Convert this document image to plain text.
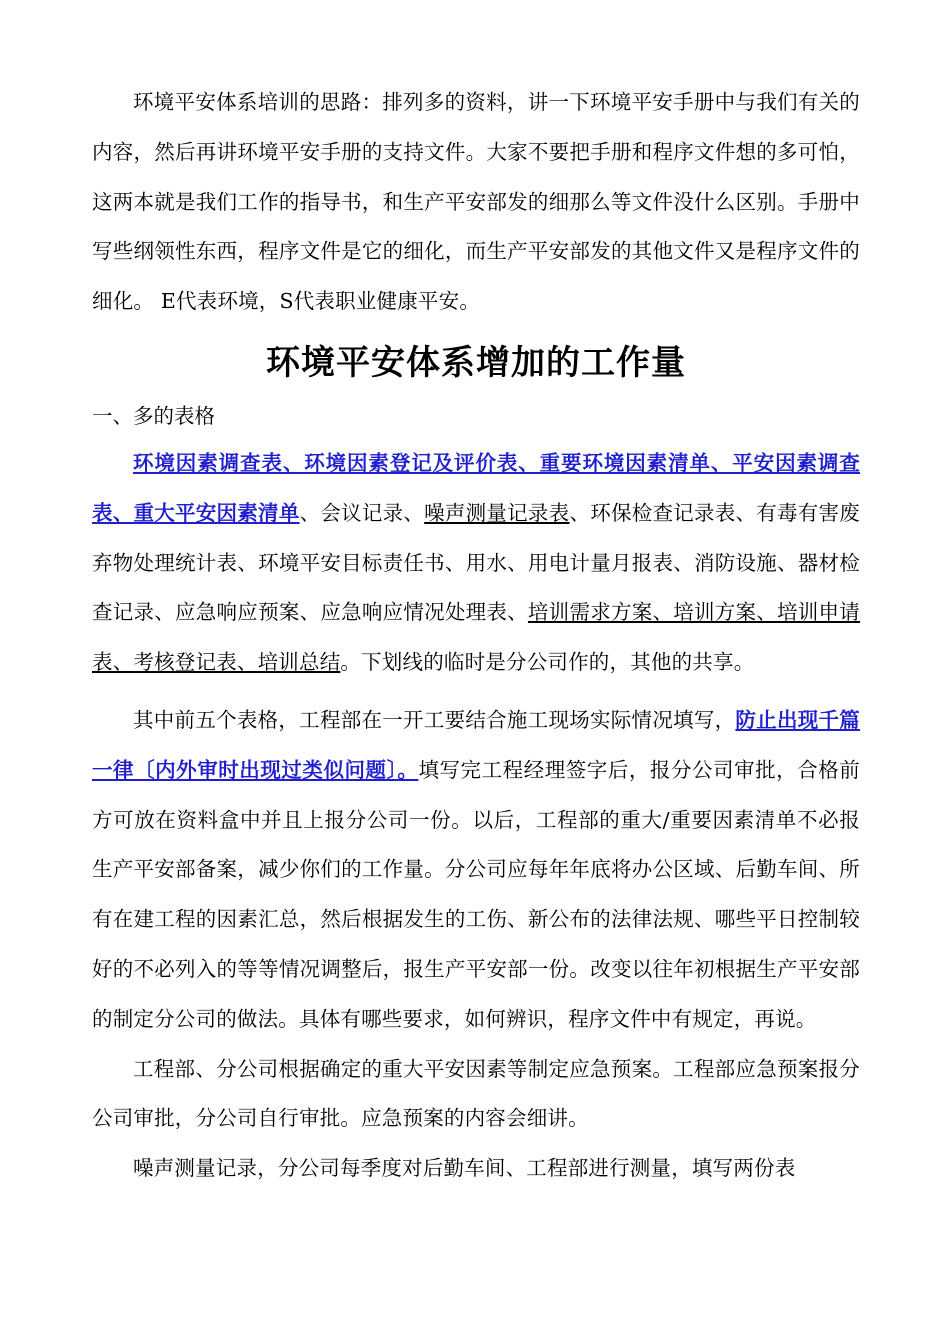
环境平安体系培训的思路：排列多的资料，讲一下环境平安手册中与我们有关的内容，然后再讲环境平安手册的支持文件。大家不要把手册和程序文件想的多可怕，这两本就是我们工作的指导书，和生产平安部发的细那么等文件没什么区别。手册中写些纲领性东西，程序文件是它的细化，而生产平安部发的其他文件又是程序文件的细化。 E代表环境，S代表职业健康平安。

环境平安体系增加的工作量

一、多的表格

环境因素调查表、环境因素登记及评价表、重要环境因素清单、平安因素调查表、重大平安因素清单、会议记录、噪声测量记录表、环保检查记录表、有毒有害废弃物处理统计表、环境平安目标责任书、用水、用电计量月报表、消防设施、器材检查记录、应急响应预案、应急响应情况处理表、培训需求方案、培训方案、培训申请表、考核登记表、培训总结。下划线的临时是分公司作的，其他的共享。

其中前五个表格，工程部在一开工要结合施工现场实际情况填写，防止出现千篇一律〔内外审时出现过类似问题〕。填写完工程经理签字后，报分公司审批，合格前方可放在资料盒中并且上报分公司一份。以后，工程部的重大/重要因素清单不必报生产平安部备案，减少你们的工作量。分公司应每年年底将办公区域、后勤车间、所有在建工程的因素汇总，然后根据发生的工伤、新公布的法律法规、哪些平日控制较好的不必列入的等等情况调整后，报生产平安部一份。改变以往年初根据生产平安部的制定分公司的做法。具体有哪些要求，如何辨识，程序文件中有规定，再说。

工程部、分公司根据确定的重大平安因素等制定应急预案。工程部应急预案报分公司审批，分公司自行审批。应急预案的内容会细讲。

噪声测量记录，分公司每季度对后勤车间、工程部进行测量，填写两份表
